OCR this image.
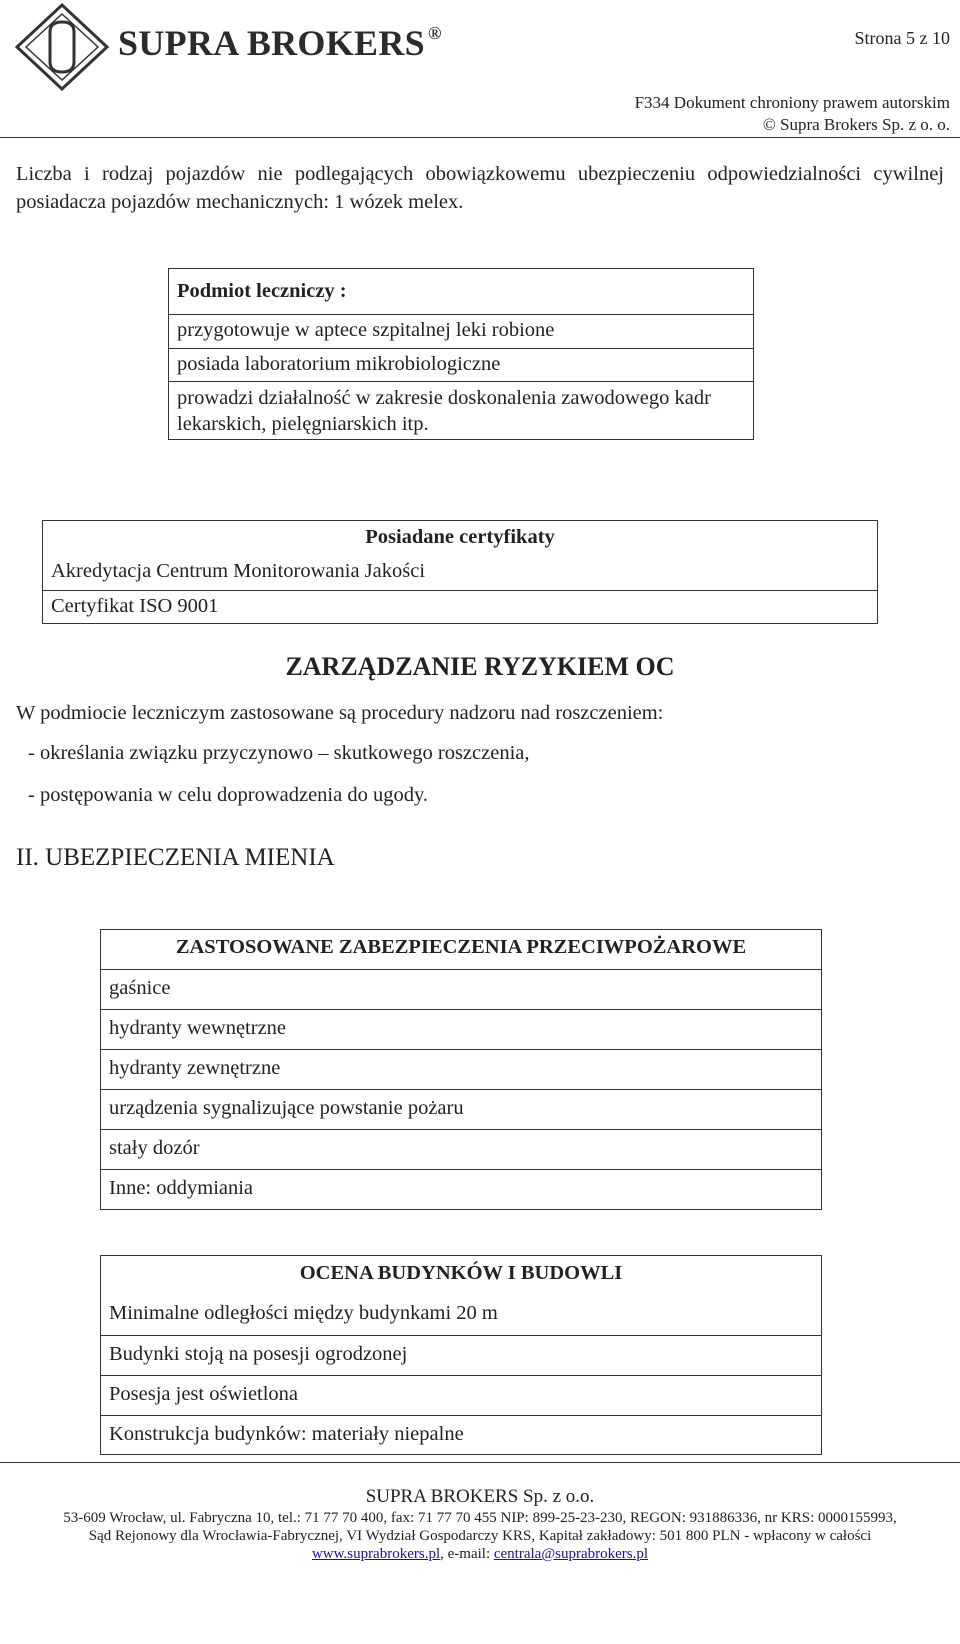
SUPRA BROKERS ®	Strona 5 z 10
F334 Dokument chroniony prawem autorskim
© Supra Brokers Sp. z o. o.
Liczba i rodzaj pojazdów nie podlegających obowiązkowemu ubezpieczeniu odpowiedzialności cywilnej posiadacza pojazdów mechanicznych: 1 wózek melex.
Podmiot leczniczy :
przygotowuje w aptece szpitalnej leki robione
posiada laboratorium mikrobiologiczne
prowadzi działalność w zakresie doskonalenia zawodowego kadr lekarskich, pielęgniarskich itp.
Posiadane certyfikaty
Akredytacja Centrum Monitorowania Jakości
Certyfikat ISO 9001
ZARZĄDZANIE RYZYKIEM OC
W podmiocie leczniczym zastosowane są procedury nadzoru nad roszczeniem:
- określania związku przyczynowo – skutkowego roszczenia,
- postępowania w celu doprowadzenia do ugody.
II. UBEZPIECZENIA MIENIA
ZASTOSOWANE ZABEZPIECZENIA PRZECIWPOŻAROWE
gaśnice
hydranty wewnętrzne
hydranty zewnętrzne
urządzenia sygnalizujące powstanie pożaru
stały dozór
Inne: oddymiania
OCENA BUDYNKÓW I BUDOWLI
Minimalne odległości między budynkami 20 m
Budynki stoją na posesji ogrodzonej
Posesja jest oświetlona
Konstrukcja budynków: materiały niepalne
SUPRA BROKERS Sp. z o.o.
53-609 Wrocław, ul. Fabryczna 10, tel.: 71 77 70 400, fax: 71 77 70 455 NIP: 899-25-23-230, REGON: 931886336, nr KRS: 0000155993,
Sąd Rejonowy dla Wrocławia-Fabrycznej, VI Wydział Gospodarczy KRS, Kapitał zakładowy: 501 800 PLN - wpłacony w całości
www.suprabrokers.pl, e-mail: centrala@suprabrokers.pl
